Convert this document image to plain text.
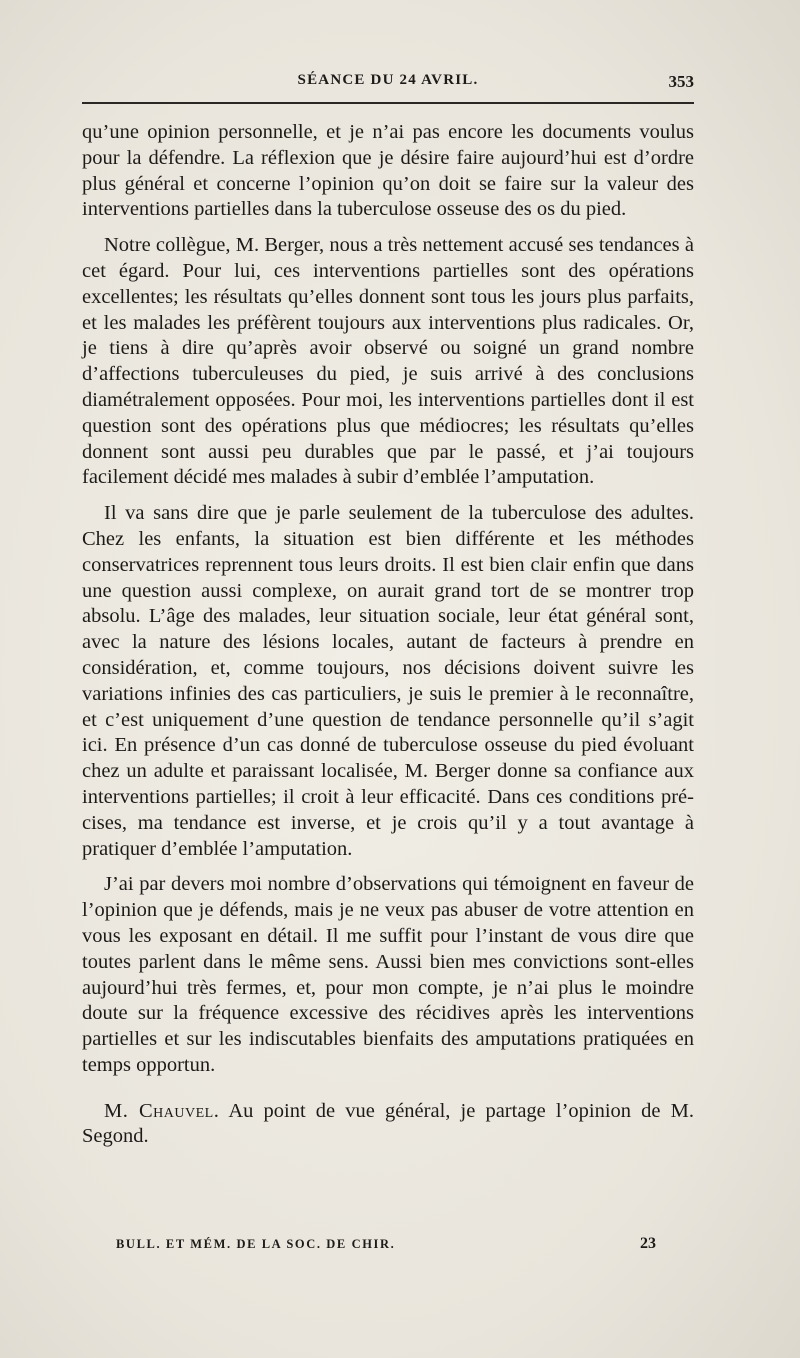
SÉANCE DU 24 AVRIL.	353

qu’une opinion personnelle, et je n’ai pas encore les documents voulus pour la défendre. La réflexion que je désire faire aujourd’hui est d’ordre plus général et concerne l’opinion qu’on doit se faire sur la valeur des interventions partielles dans la tuberculose osseuse des os du pied.

Notre collègue, M. Berger, nous a très nettement accusé ses tendances à cet égard. Pour lui, ces interventions partielles sont des opérations excellentes; les résultats qu’elles donnent sont tous les jours plus parfaits, et les malades les préfèrent toujours aux interventions plus radicales. Or, je tiens à dire qu’après avoir observé ou soigné un grand nombre d’affections tuberculeuses du pied, je suis arrivé à des conclusions diamétralement opposées. Pour moi, les interventions partielles dont il est question sont des opérations plus que médiocres; les résultats qu’elles donnent sont aussi peu durables que par le passé, et j’ai toujours facilement décidé mes malades à subir d’emblée l’amputation.

Il va sans dire que je parle seulement de la tuberculose des adultes. Chez les enfants, la situation est bien différente et les méthodes conservatrices reprennent tous leurs droits. Il est bien clair enfin que dans une question aussi complexe, on aurait grand tort de se montrer trop absolu. L’âge des malades, leur situation sociale, leur état général sont, avec la nature des lésions locales, autant de facteurs à prendre en considération, et, comme toujours, nos décisions doivent suivre les variations infinies des cas particuliers, je suis le premier à le reconnaître, et c’est uniquement d’une question de tendance personnelle qu’il s’agit ici. En présence d’un cas donné de tuberculose osseuse du pied évoluant chez un adulte et paraissant localisée, M. Berger donne sa confiance aux interventions partielles; il croit à leur efficacité. Dans ces conditions précises, ma tendance est inverse, et je crois qu’il y a tout avantage à pratiquer d’emblée l’amputation.

J’ai par devers moi nombre d’observations qui témoignent en faveur de l’opinion que je défends, mais je ne veux pas abuser de votre attention en vous les exposant en détail. Il me suffit pour l’instant de vous dire que toutes parlent dans le même sens. Aussi bien mes convictions sont-elles aujourd’hui très fermes, et, pour mon compte, je n’ai plus le moindre doute sur la fréquence excessive des récidives après les interventions partielles et sur les indiscutables bienfaits des amputations pratiquées en temps opportun.

M. Chauvel. Au point de vue général, je partage l’opinion de M. Segond.

BULL. ET MÉM. DE LA SOC. DE CHIR.	23
